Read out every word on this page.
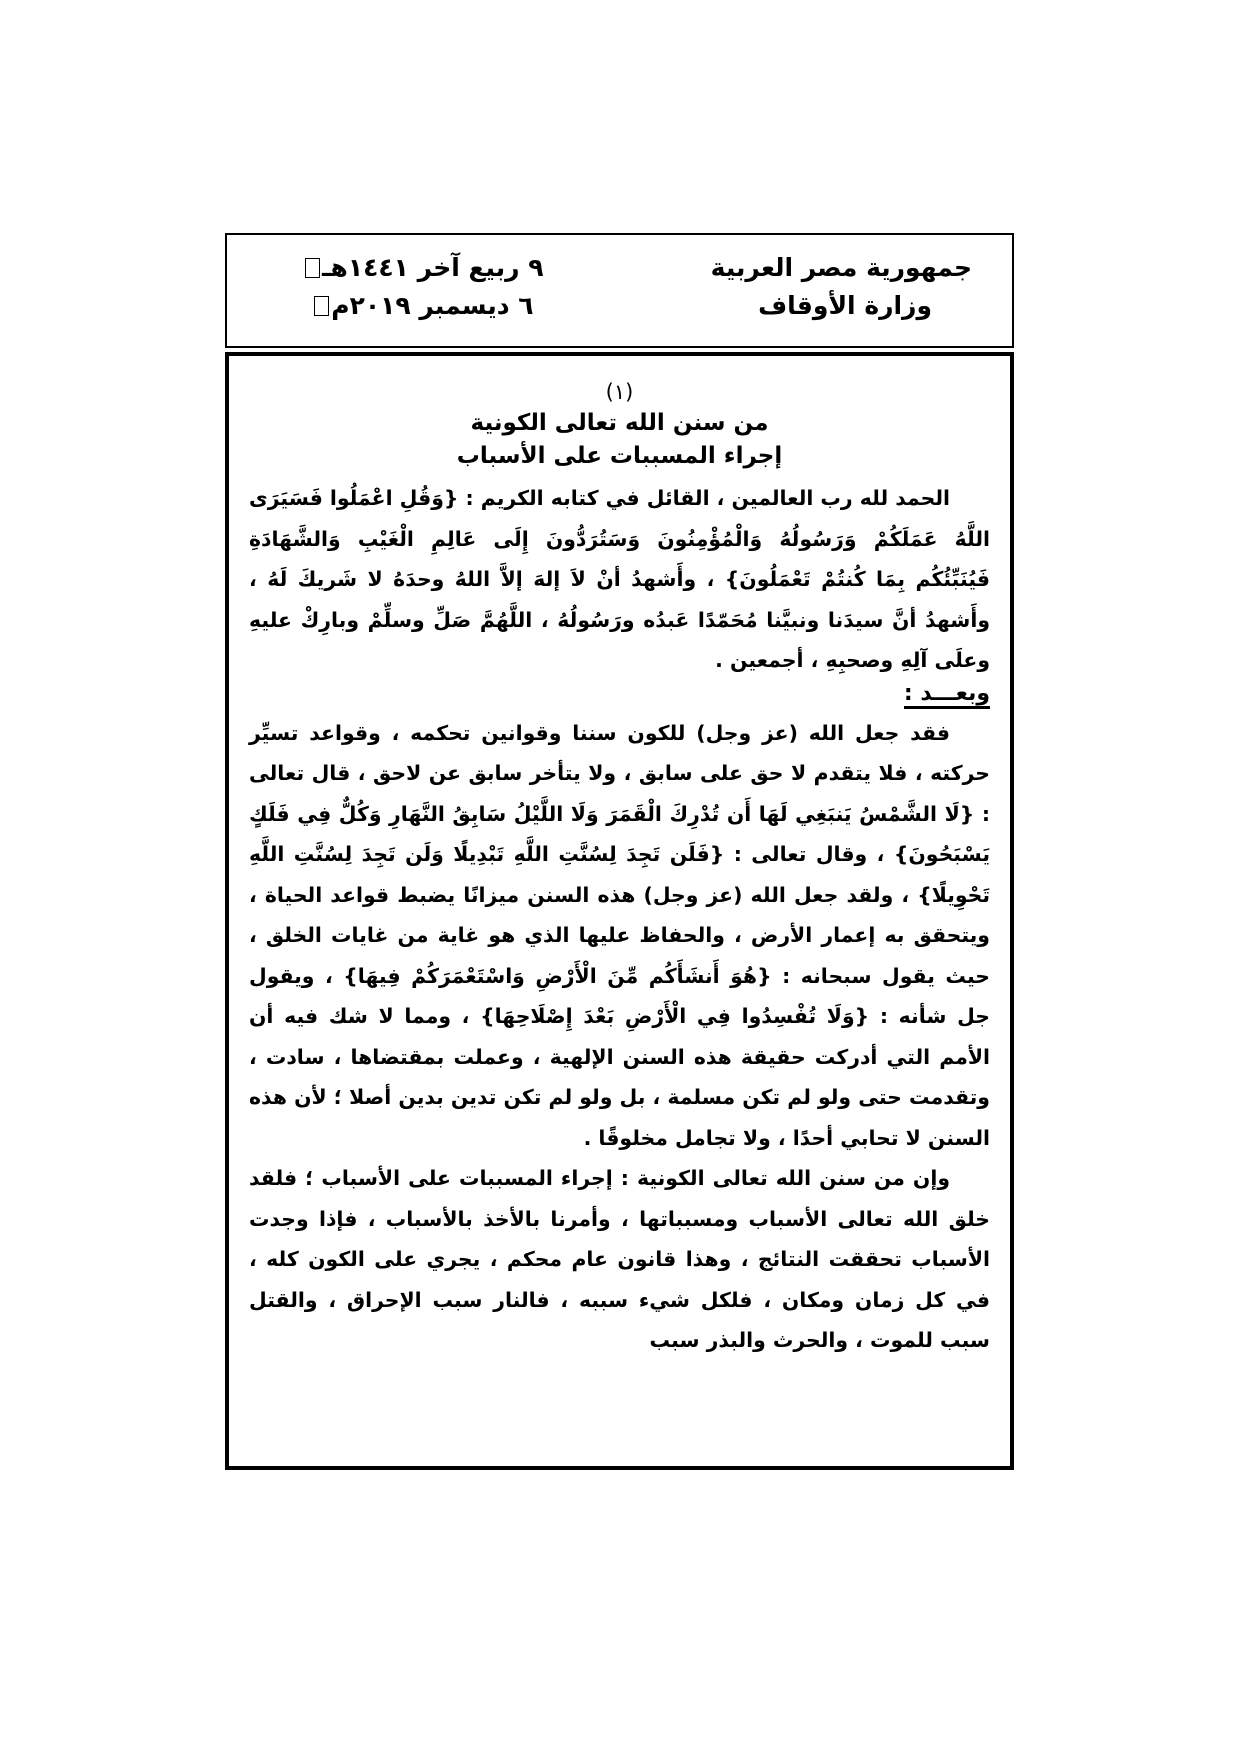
جمهورية مصر العربية
وزارة الأوقاف
٩ ربيع آخر ١٤٤١هـ
٦ ديسمبر ٢٠١٩م
(١)
من سنن الله تعالى الكونية
إجراء المسببات على الأسباب

الحمد لله رب العالمين ، القائل في كتابه الكريم : {وَقُلِ اعْمَلُوا فَسَيَرَى اللَّهُ عَمَلَكُمْ وَرَسُولُهُ وَالْمُؤْمِنُونَ وَسَتُرَدُّونَ إِلَى عَالِمِ الْغَيْبِ وَالشَّهَادَةِ فَيُنَبِّئُكُم بِمَا كُنتُمْ تَعْمَلُونَ} ، وأَشهدُ أنْ لاَ إلهَ إلاَّ اللهُ وحدَهُ لا شَريكَ لَهُ ، وأَشهدُ أنَّ سيدَنا ونبيَّنا مُحَمّدًا عَبدُه ورَسُولُهُ ، اللَّهُمَّ صَلِّ وسلِّمْ وبارِكْ عليهِ وعلَى آلِهِ وصحبِهِ ، أجمعين .

وبعـــد :

فقد جعل الله (عز وجل) للكون سننا وقوانين تحكمه ، وقواعد تسيِّر حركته ، فلا يتقدم لا حق على سابق ، ولا يتأخر سابق عن لاحق ، قال تعالى : {لَا الشَّمْسُ يَنبَغِي لَهَا أَن تُدْرِكَ الْقَمَرَ وَلَا اللَّيْلُ سَابِقُ النَّهَارِ وَكُلٌّ فِي فَلَكٍ يَسْبَحُونَ} ، وقال تعالى : {فَلَن تَجِدَ لِسُنَّتِ اللَّهِ تَبْدِيلًا وَلَن تَجِدَ لِسُنَّتِ اللَّهِ تَحْوِيلًا} ، ولقد جعل الله (عز وجل) هذه السنن ميزانًا يضبط قواعد الحياة ، ويتحقق به إعمار الأرض ، والحفاظ عليها الذي هو غاية من غايات الخلق ، حيث يقول سبحانه : {هُوَ أَنشَأَكُم مِّنَ الْأَرْضِ وَاسْتَعْمَرَكُمْ فِيهَا} ، ويقول جل شأنه : {وَلَا تُفْسِدُوا فِي الْأَرْضِ بَعْدَ إِصْلَاحِهَا} ، ومما لا شك فيه أن الأمم التي أدركت حقيقة هذه السنن الإلهية ، وعملت بمقتضاها ، سادت ، وتقدمت حتى ولو لم تكن مسلمة ، بل ولو لم تكن تدين بدين أصلا ؛ لأن هذه السنن لا تحابي أحدًا ، ولا تجامل مخلوقًا .

وإن من سنن الله تعالى الكونية : إجراء المسببات على الأسباب ؛ فلقد خلق الله تعالى الأسباب ومسبباتها ، وأمرنا بالأخذ بالأسباب ، فإذا وجدت الأسباب تحققت النتائج ، وهذا قانون عام محكم ، يجري على الكون كله ، في كل زمان ومكان ، فلكل شيء سببه ، فالنار سبب الإحراق ، والقتل سبب للموت ، والحرث والبذر سبب
